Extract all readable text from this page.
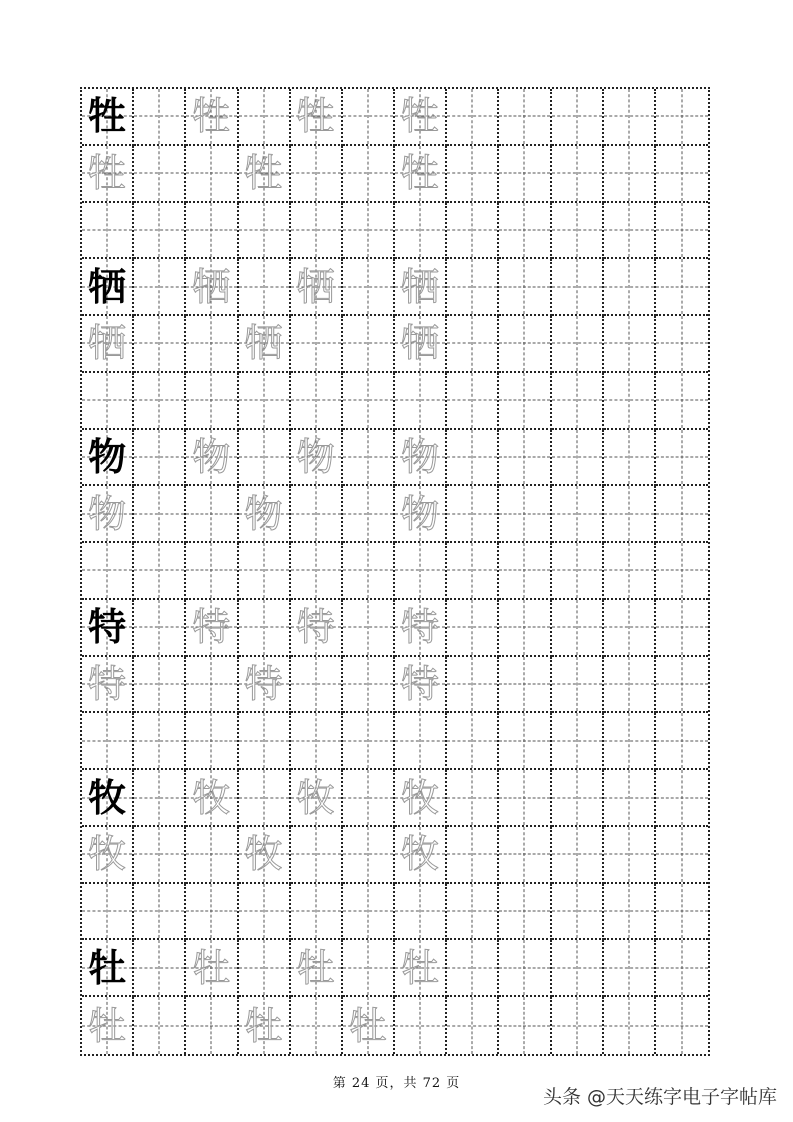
牲 牲 牲 牲
牲	牲	牲
牺 牺 牺 牺
牺	牺	牺
物 物 物 物
物	物	物
特 特 特 特
特	特	特
牧 牧 牧 牧
牧	牧	牧
牡 牡 牡 牡
牡	牡 牡
第 24 页，共 72 页
头条 @天天练字电子字帖库
